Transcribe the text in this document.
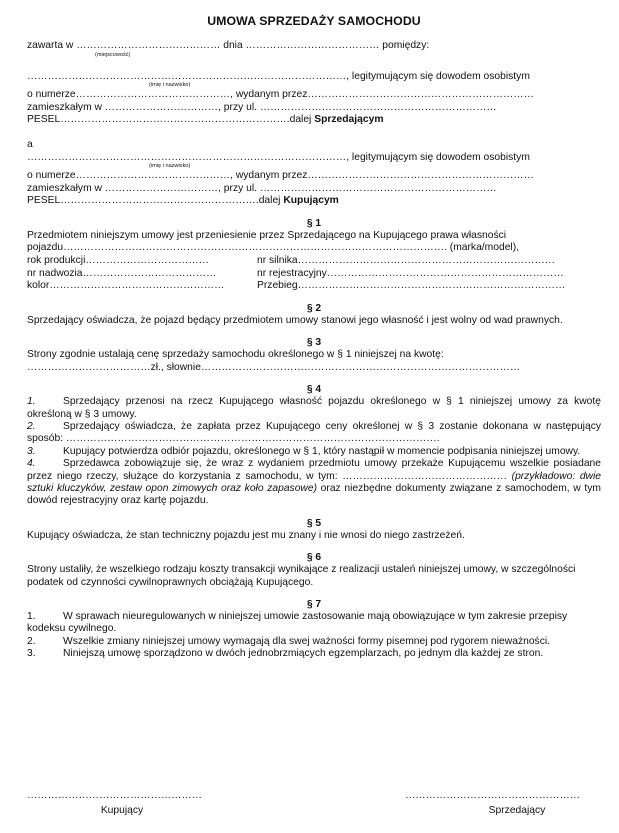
UMOWA SPRZEDAŻY SAMOCHODU
zawarta w …………………………………… dnia ………………………………… pomiędzy:
(miejscowość)
…………………………………………………………………………………, legitymującym się dowodem osobistym
(imię i nazwisko)
o numerze………………………………………, wydanym przez…………………………………………………………
zamieszkałym w ……………………………, przy ul. ……………………………………………………………
PESEL………………………………………………………….dalej Sprzedającym
a
…………………………………………………………………………………, legitymującym się dowodem osobistym
(imię i nazwisko)
o numerze………………………………………, wydanym przez…………………………………………………………
zamieszkałym w ……………………………, przy ul. ……………………………………………………………
PESEL………………………………………………….dalej Kupującym
§ 1
Przedmiotem niniejszym umowy jest przeniesienie przez Sprzedającego na Kupującego prawa własności
pojazdu…………………………………………………………………………………………………. (marka/model),
rok produkcji………………………………	nr silnika…………………………………………………………………
nr nadwozia…………………………………	nr rejestracyjny……………………………………………………………
kolor……………………………………………	Przebieg……………………………………………………………………
§ 2
Sprzedający oświadcza, że pojazd będący przedmiotem umowy stanowi jego własność i jest wolny od wad prawnych.
§ 3
Strony zgodnie ustalają cenę sprzedaży samochodu określonego w § 1 niniejszej na kwotę:
………………………………zł., słownie…………………………………………………………………………………
§ 4
1.	Sprzedający przenosi na rzecz Kupującego własność pojazdu określonego w § 1 niniejszej umowy za kwotę określoną w § 3 umowy.
2.	Sprzedający oświadcza, że zapłata przez Kupującego ceny określonej w § 3 zostanie dokonana w następujący sposób: ……………………………………………………………………………………………….
3.	Kupujący potwierdza odbiór pojazdu, określonego w § 1, który nastąpił w momencie podpisania niniejszej umowy.
4.	Sprzedawca zobowiązuje się, że wraz z wydaniem przedmiotu umowy przekaże Kupującemu wszelkie posiadane przez niego rzeczy, służące do korzystania z samochodu, w tym: ………………………………………… (przykładowo: dwie sztuki kluczyków, zestaw opon zimowych oraz koło zapasowe) oraz niezbędne dokumenty związane z samochodem, w tym dowód rejestracyjny oraz kartę pojazdu.
§ 5
Kupujący oświadcza, że stan techniczny pojazdu jest mu znany i nie wnosi do niego zastrzeżeń.
§ 6
Strony ustaliły, że wszelkiego rodzaju koszty transakcji wynikające z realizacji ustaleń niniejszej umowy, w szczególności podatek od czynności cywilnoprawnych obciążają Kupującego.
§ 7
1.	W sprawach nieuregulowanych w niniejszej umowie zastosowanie mają obowiązujące w tym zakresie przepisy kodeksu cywilnego.
2.	Wszelkie zmiany niniejszej umowy wymagają dla swej ważności formy pisemnej pod rygorem nieważności.
3.	Niniejszą umowę sporządzono w dwóch jednobrzmiących egzemplarzach, po jednym dla każdej ze stron.
……………………………………………
Kupujący
……………………………………………
Sprzedający
